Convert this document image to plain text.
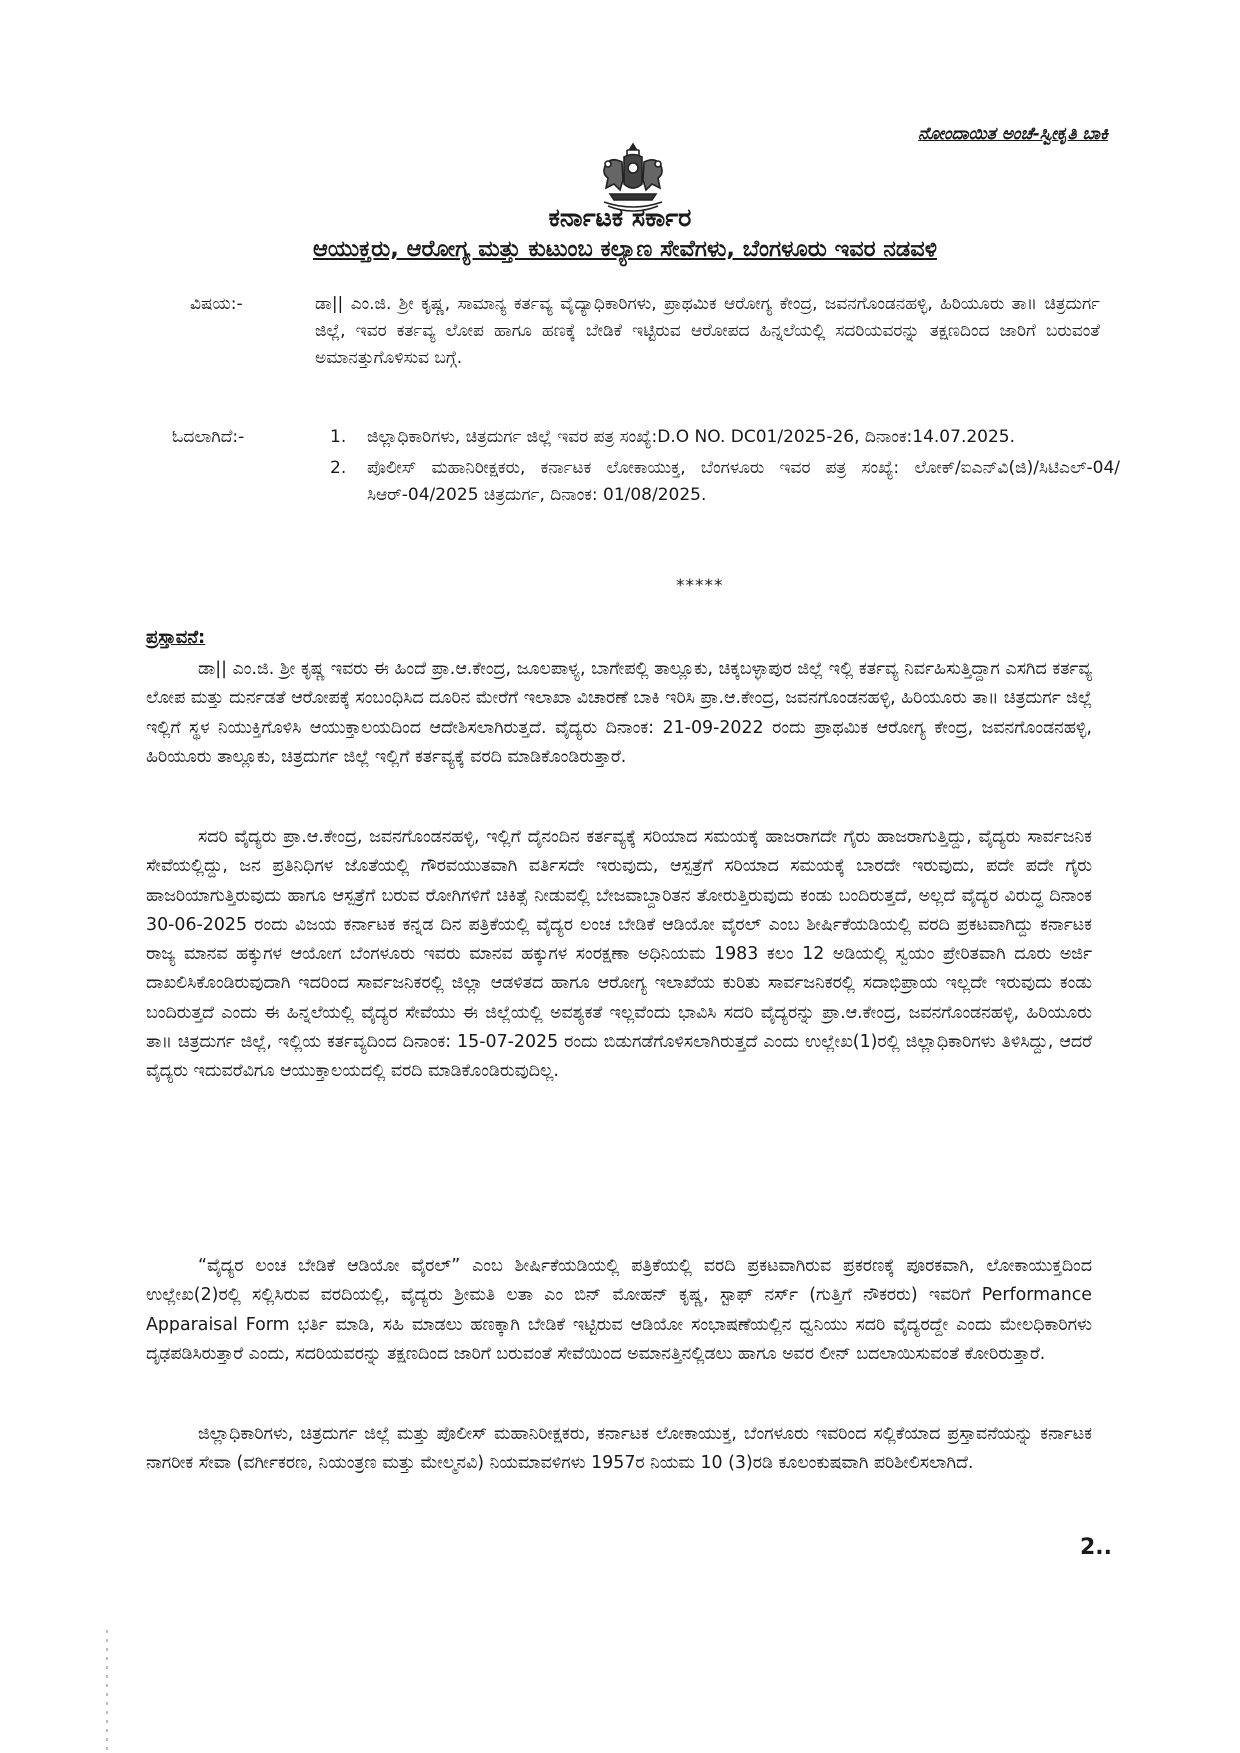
ನೋಂದಾಯಿತ ಅಂಚೆ-ಸ್ವೀಕೃತಿ ಬಾಕಿ
ಕರ್ನಾಟಕ ಸರ್ಕಾರ
ಆಯುಕ್ತರು, ಆರೋಗ್ಯ ಮತ್ತು ಕುಟುಂಬ ಕಲ್ಯಾಣ ಸೇವೆಗಳು, ಬೆಂಗಳೂರು ಇವರ ನಡವಳಿ
ವಿಷಯ:-	ಡಾ|| ಎಂ.ಜಿ. ಶ್ರೀ ಕೃಷ್ಣ, ಸಾಮಾನ್ಯ ಕರ್ತವ್ಯ ವೈದ್ಯಾಧಿಕಾರಿಗಳು, ಪ್ರಾಥಮಿಕ ಆರೋಗ್ಯ ಕೇಂದ್ರ, ಜವನಗೊಂಡನಹಳ್ಳಿ, ಹಿರಿಯೂರು ತಾ॥ ಚಿತ್ರದುರ್ಗ ಜಿಲ್ಲೆ, ಇವರ ಕರ್ತವ್ಯ ಲೋಪ ಹಾಗೂ ಹಣಕ್ಕೆ ಬೇಡಿಕೆ ಇಟ್ಟಿರುವ ಆರೋಪದ ಹಿನ್ನಲೆಯಲ್ಲಿ ಸದರಿಯವರನ್ನು ತಕ್ಷಣದಿಂದ ಜಾರಿಗೆ ಬರುವಂತೆ ಅಮಾನತ್ತುಗೊಳಿಸುವ ಬಗ್ಗೆ.
ಓದಲಾಗಿದೆ:-	1. ಜಿಲ್ಲಾಧಿಕಾರಿಗಳು, ಚಿತ್ರದುರ್ಗ ಜಿಲ್ಲೆ ಇವರ ಪತ್ರ ಸಂಖ್ಯೆ:D.O NO. DC01/2025-26, ದಿನಾಂಕ:14.07.2025.
2. ಪೊಲೀಸ್ ಮಹಾನಿರೀಕ್ಷಕರು, ಕರ್ನಾಟಕ ಲೋಕಾಯುಕ್ತ, ಬೆಂಗಳೂರು ಇವರ ಪತ್ರ ಸಂಖ್ಯೆ: ಲೋಕ್/ಐಎನ್‌ವಿ(ಜಿ)/ಸಿಟಿಎಲ್-04/ಸಿಆರ್-04/2025 ಚಿತ್ರದುರ್ಗ, ದಿನಾಂಕ: 01/08/2025.
*****
ಪ್ರಸ್ತಾವನೆ:
ಡಾ|| ಎಂ.ಜಿ. ಶ್ರೀ ಕೃಷ್ಣ ಇವರು ಈ ಹಿಂದೆ ಪ್ರಾ.ಆ.ಕೇಂದ್ರ, ಜೂಲಪಾಳ್ಯ, ಬಾಗೇಪಲ್ಲಿ ತಾಲ್ಲೂಕು, ಚಿಕ್ಕಬಳ್ಳಾಪುರ ಜಿಲ್ಲೆ ಇಲ್ಲಿ ಕರ್ತವ್ಯ ನಿರ್ವಹಿಸುತ್ತಿದ್ದಾಗ ಎಸಗಿದ ಕರ್ತವ್ಯ ಲೋಪ ಮತ್ತು ದುರ್ನಡತೆ ಆರೋಪಕ್ಕೆ ಸಂಬಂಧಿಸಿದ ದೂರಿನ ಮೇರೆಗೆ ಇಲಾಖಾ ವಿಚಾರಣೆ ಬಾಕಿ ಇರಿಸಿ ಪ್ರಾ.ಆ.ಕೇಂದ್ರ, ಜವನಗೊಂಡನಹಳ್ಳಿ, ಹಿರಿಯೂರು ತಾ॥ ಚಿತ್ರದುರ್ಗ ಜಿಲ್ಲೆ ಇಲ್ಲಿಗೆ ಸ್ಥಳ ನಿಯುಕ್ತಿಗೊಳಿಸಿ ಆಯುಕ್ತಾಲಯದಿಂದ ಆದೇಶಿಸಲಾಗಿರುತ್ತದೆ. ವೈದ್ಯರು ದಿನಾಂಕ: 21-09-2022 ರಂದು ಪ್ರಾಥಮಿಕ ಆರೋಗ್ಯ ಕೇಂದ್ರ, ಜವನಗೊಂಡನಹಳ್ಳಿ, ಹಿರಿಯೂರು ತಾಲ್ಲೂಕು, ಚಿತ್ರದುರ್ಗ ಜಿಲ್ಲೆ ಇಲ್ಲಿಗೆ ಕರ್ತವ್ಯಕ್ಕೆ ವರದಿ ಮಾಡಿಕೊಂಡಿರುತ್ತಾರೆ.
ಸದರಿ ವೈದ್ಯರು ಪ್ರಾ.ಆ.ಕೇಂದ್ರ, ಜವನಗೊಂಡನಹಳ್ಳಿ, ಇಲ್ಲಿಗೆ ದೈನಂದಿನ ಕರ್ತವ್ಯಕ್ಕೆ ಸರಿಯಾದ ಸಮಯಕ್ಕೆ ಹಾಜರಾಗದೇ ಗೈರು ಹಾಜರಾಗುತ್ತಿದ್ದು, ವೈದ್ಯರು ಸಾರ್ವಜನಿಕ ಸೇವೆಯಲ್ಲಿದ್ದು, ಜನ ಪ್ರತಿನಿಧಿಗಳ ಜೊತೆಯಲ್ಲಿ ಗೌರವಯುತವಾಗಿ ವರ್ತಿಸದೇ ಇರುವುದು, ಆಸ್ಪತ್ರೆಗೆ ಸರಿಯಾದ ಸಮಯಕ್ಕೆ ಬಾರದೇ ಇರುವುದು, ಪದೇ ಪದೇ ಗೈರು ಹಾಜರಿಯಾಗುತ್ತಿರುವುದು ಹಾಗೂ ಆಸ್ಪತ್ರೆಗೆ ಬರುವ ರೋಗಿಗಳಿಗೆ ಚಿಕಿತ್ಸೆ ನೀಡುವಲ್ಲಿ ಬೇಜವಾಬ್ದಾರಿತನ ತೋರುತ್ತಿರುವುದು ಕಂಡು ಬಂದಿರುತ್ತದೆ, ಅಲ್ಲದೆ ವೈದ್ಯರ ವಿರುದ್ಧ ದಿನಾಂಕ 30-06-2025 ರಂದು ವಿಜಯ ಕರ್ನಾಟಕ ಕನ್ನಡ ದಿನ ಪತ್ರಿಕೆಯಲ್ಲಿ ವೈದ್ಯರ ಲಂಚ ಬೇಡಿಕೆ ಆಡಿಯೋ ವೈರಲ್ ಎಂಬ ಶೀರ್ಷಿಕೆಯಡಿಯಲ್ಲಿ ವರದಿ ಪ್ರಕಟವಾಗಿದ್ದು ಕರ್ನಾಟಕ ರಾಜ್ಯ ಮಾನವ ಹಕ್ಕುಗಳ ಆಯೋಗ ಬೆಂಗಳೂರು ಇವರು ಮಾನವ ಹಕ್ಕುಗಳ ಸಂರಕ್ಷಣಾ ಅಧಿನಿಯಮ 1983 ಕಲಂ 12 ಅಡಿಯಲ್ಲಿ ಸ್ವಯಂ ಪ್ರೇರಿತವಾಗಿ ದೂರು ಅರ್ಜಿ ದಾಖಲಿಸಿಕೊಂಡಿರುವುದಾಗಿ ಇದರಿಂದ ಸಾರ್ವಜನಿಕರಲ್ಲಿ ಜಿಲ್ಲಾ ಆಡಳಿತದ ಹಾಗೂ ಆರೋಗ್ಯ ಇಲಾಖೆಯ ಕುರಿತು ಸಾರ್ವಜನಿಕರಲ್ಲಿ ಸದಾಭಿಪ್ರಾಯ ಇಲ್ಲದೇ ಇರುವುದು ಕಂಡು ಬಂದಿರುತ್ತದೆ ಎಂದು ಈ ಹಿನ್ನಲೆಯಲ್ಲಿ ವೈದ್ಯರ ಸೇವೆಯು ಈ ಜಿಲ್ಲೆಯಲ್ಲಿ ಅವಶ್ಯಕತೆ ಇಲ್ಲವೆಂದು ಭಾವಿಸಿ ಸದರಿ ವೈದ್ಯರನ್ನು ಪ್ರಾ.ಆ.ಕೇಂದ್ರ, ಜವನಗೊಂಡನಹಳ್ಳಿ, ಹಿರಿಯೂರು ತಾ॥ ಚಿತ್ರದುರ್ಗ ಜಿಲ್ಲೆ, ಇಲ್ಲಿಯ ಕರ್ತವ್ಯದಿಂದ ದಿನಾಂಕ: 15-07-2025 ರಂದು ಬಿಡುಗಡೆಗೊಳಿಸಲಾಗಿರುತ್ತದೆ ಎಂದು ಉಲ್ಲೇಖ(1)ರಲ್ಲಿ ಜಿಲ್ಲಾಧಿಕಾರಿಗಳು ತಿಳಿಸಿದ್ದು, ಆದರೆ ವೈದ್ಯರು ಇದುವರೆವಿಗೂ ಆಯುಕ್ತಾಲಯದಲ್ಲಿ ವರದಿ ಮಾಡಿಕೊಂಡಿರುವುದಿಲ್ಲ.
“ವೈದ್ಯರ ಲಂಚ ಬೇಡಿಕೆ ಆಡಿಯೋ ವೈರಲ್” ಎಂಬ ಶೀರ್ಷಿಕೆಯಡಿಯಲ್ಲಿ ಪತ್ರಿಕೆಯಲ್ಲಿ ವರದಿ ಪ್ರಕಟವಾಗಿರುವ ಪ್ರಕರಣಕ್ಕೆ ಪೂರಕವಾಗಿ, ಲೋಕಾಯುಕ್ತದಿಂದ ಉಲ್ಲೇಖ(2)ರಲ್ಲಿ ಸಲ್ಲಿಸಿರುವ ವರದಿಯಲ್ಲಿ, ವೈದ್ಯರು ಶ್ರೀಮತಿ ಲತಾ ಎಂ ಬಿನ್ ಮೋಹನ್ ಕೃಷ್ಣ, ಸ್ಟಾಫ್ ನರ್ಸ್ (ಗುತ್ತಿಗೆ ನೌಕರರು) ಇವರಿಗೆ Performance Apparaisal Form ಭರ್ತಿ ಮಾಡಿ, ಸಹಿ ಮಾಡಲು ಹಣಕ್ಕಾಗಿ ಬೇಡಿಕೆ ಇಟ್ಟಿರುವ ಆಡಿಯೋ ಸಂಭಾಷಣೆಯಲ್ಲಿನ ಧ್ವನಿಯು ಸದರಿ ವೈದ್ಯರದ್ದೇ ಎಂದು ಮೇಲಧಿಕಾರಿಗಳು ದೃಢಪಡಿಸಿರುತ್ತಾರೆ ಎಂದು, ಸದರಿಯವರನ್ನು ತಕ್ಷಣದಿಂದ ಜಾರಿಗೆ ಬರುವಂತೆ ಸೇವೆಯಿಂದ ಅಮಾನತ್ತಿನಲ್ಲಿಡಲು ಹಾಗೂ ಅವರ ಲೀನ್ ಬದಲಾಯಿಸುವಂತೆ ಕೋರಿರುತ್ತಾರೆ.
ಜಿಲ್ಲಾಧಿಕಾರಿಗಳು, ಚಿತ್ರದುರ್ಗ ಜಿಲ್ಲೆ ಮತ್ತು ಪೊಲೀಸ್ ಮಹಾನಿರೀಕ್ಷಕರು, ಕರ್ನಾಟಕ ಲೋಕಾಯುಕ್ತ, ಬೆಂಗಳೂರು ಇವರಿಂದ ಸಲ್ಲಿಕೆಯಾದ ಪ್ರಸ್ತಾವನೆಯನ್ನು ಕರ್ನಾಟಕ ನಾಗರೀಕ ಸೇವಾ (ವರ್ಗೀಕರಣ, ನಿಯಂತ್ರಣ ಮತ್ತು ಮೇಲ್ಮನವಿ) ನಿಯಮಾವಳಿಗಳು 1957ರ ನಿಯಮ 10 (3)ರಡಿ ಕೂಲಂಕುಷವಾಗಿ ಪರಿಶೀಲಿಸಲಾಗಿದೆ.
2..
